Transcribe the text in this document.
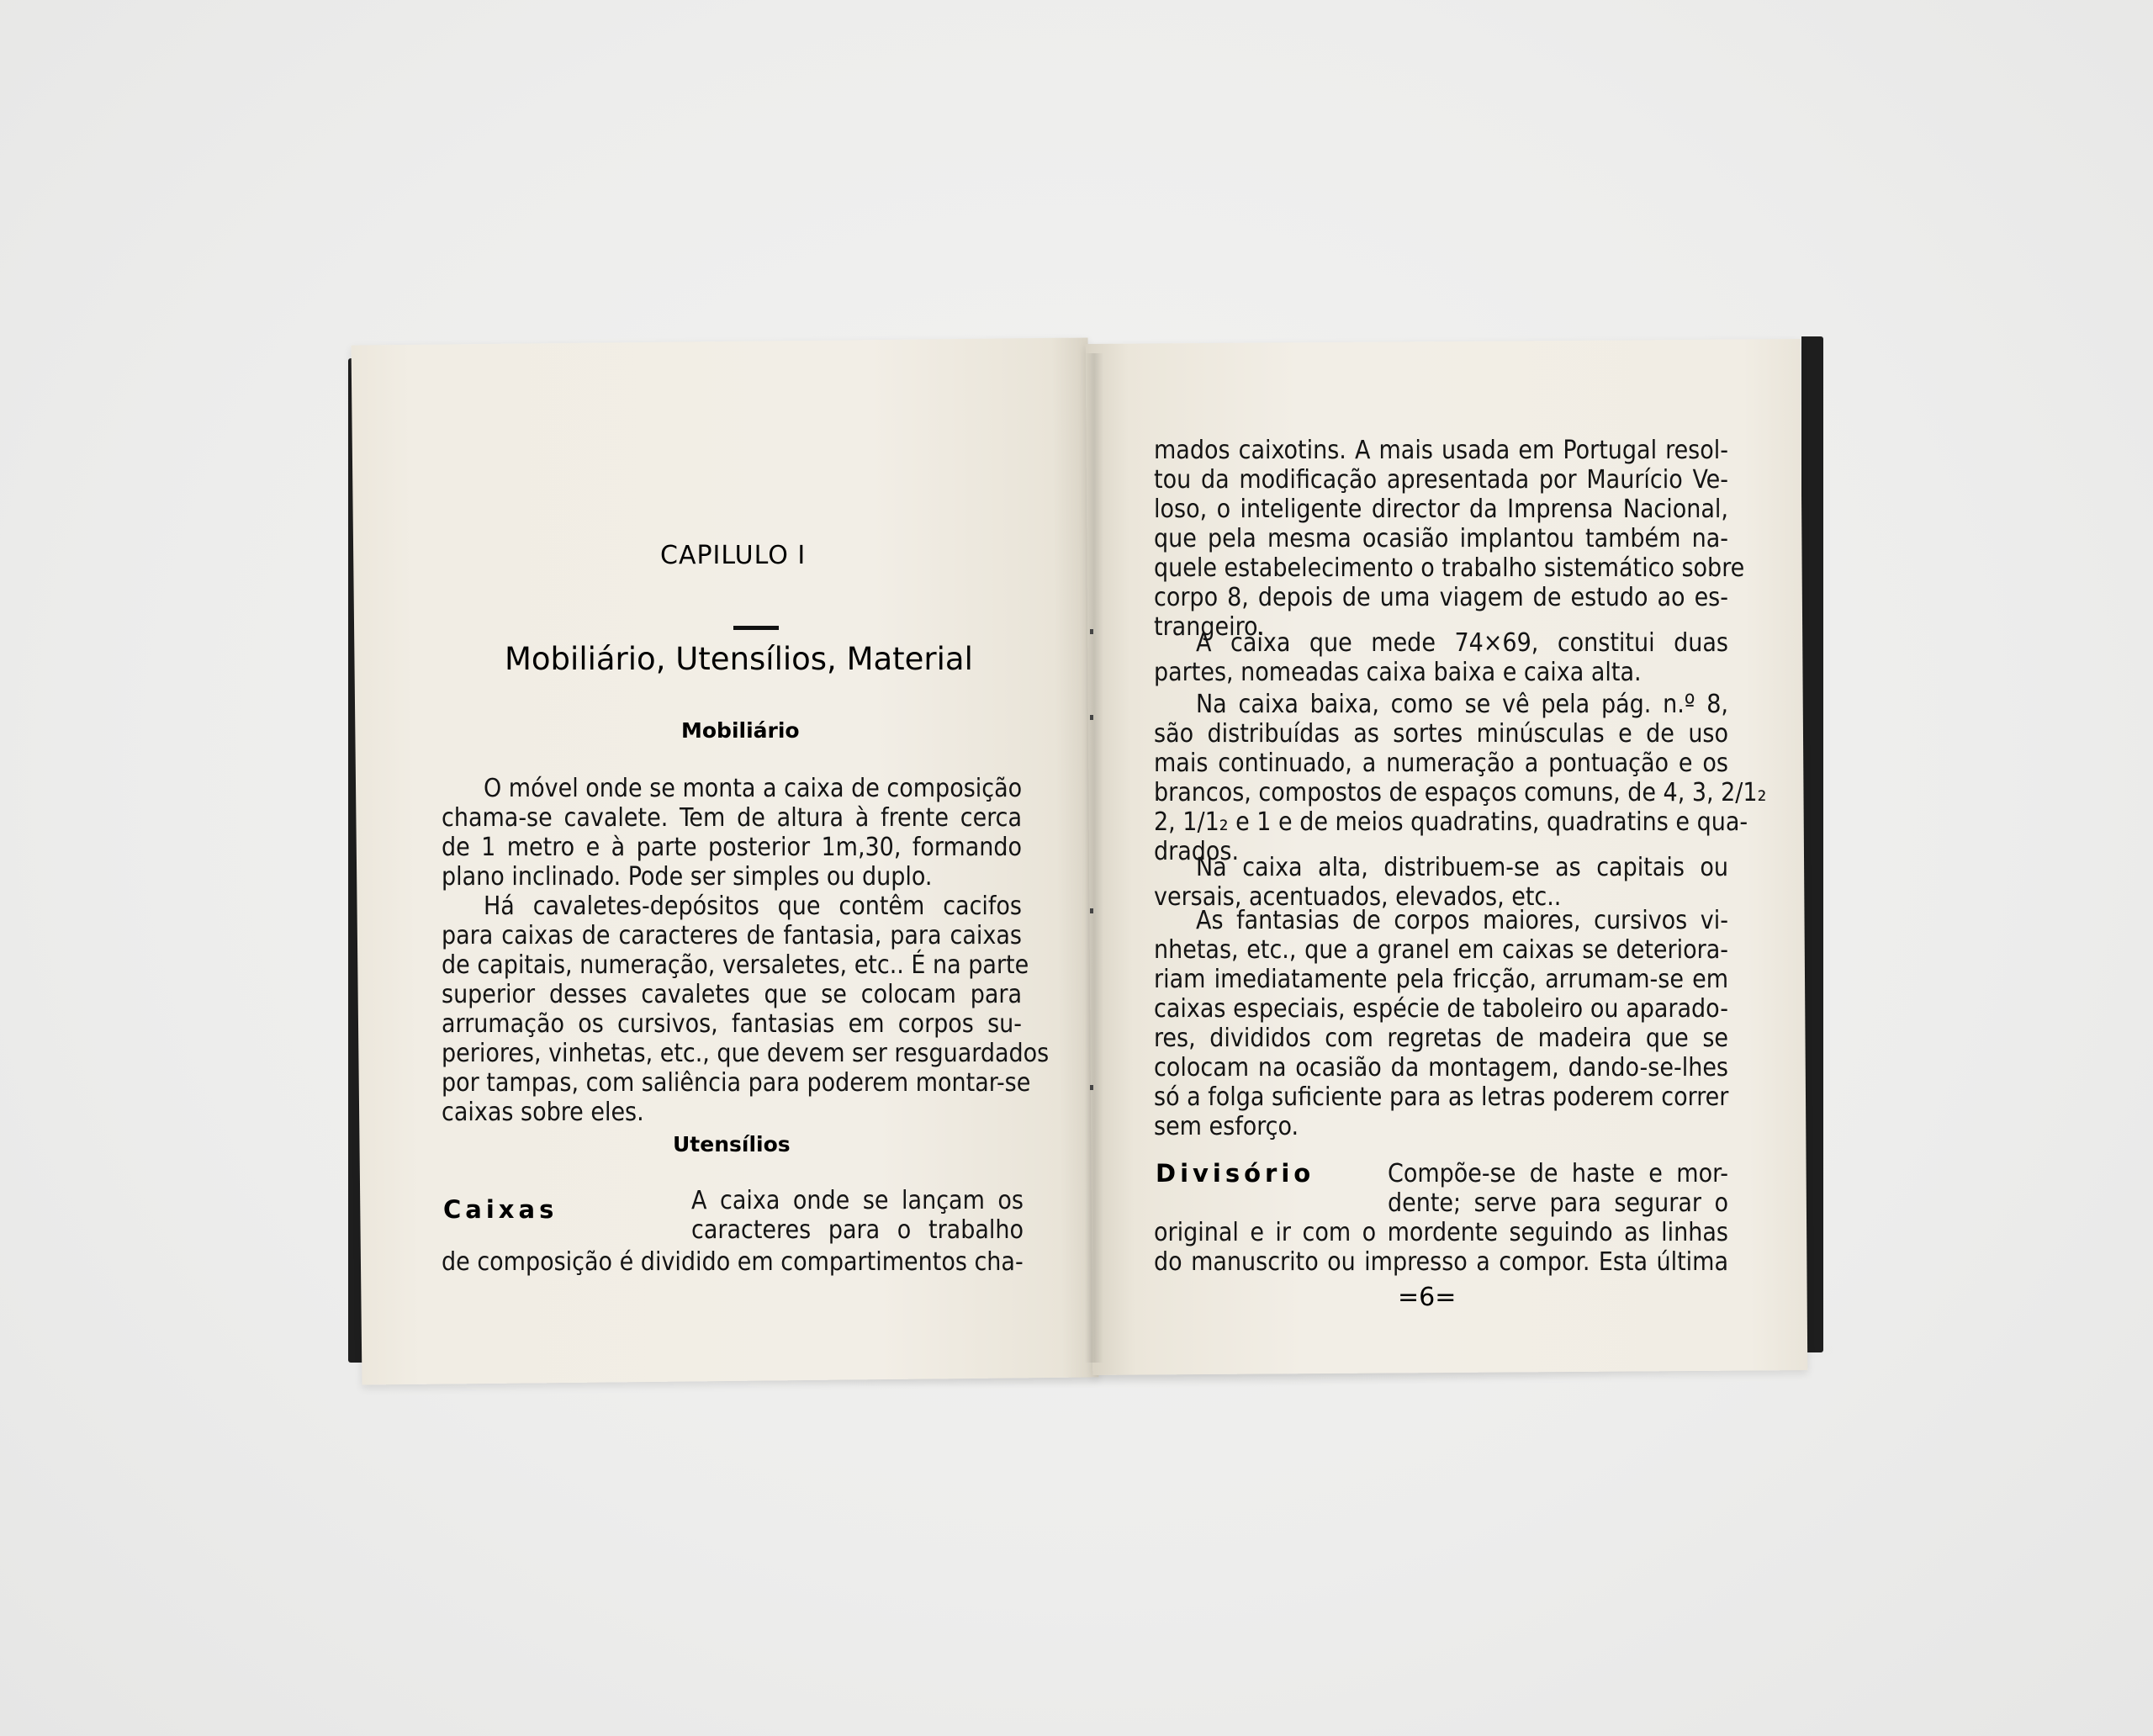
CAPILULO I
Mobiliário, Utensílios, Material
Mobiliário
O móvel onde se monta a caixa de composição
chama-se cavalete. Tem de altura à frente cerca
de 1 metro e à parte posterior 1m,30, formando
plano inclinado. Pode ser simples ou duplo.
Há cavaletes-depósitos que contêm cacifos
para caixas de caracteres de fantasia, para caixas
de capitais, numeração, versaletes, etc.. É na parte
superior desses cavaletes que se colocam para
arrumação os cursivos, fantasias em corpos su-
periores, vinhetas, etc., que devem ser resguardados
por tampas, com saliência para poderem montar-se
caixas sobre eles.
Utensílios
Caixas	A caixa onde se lançam os
caracteres para o trabalho
de composição é dividido em compartimentos cha-
mados caixotins. A mais usada em Portugal resol-
tou da modificação apresentada por Maurício Ve-
loso, o inteligente director da Imprensa Nacional,
que pela mesma ocasião implantou também na-
quele estabelecimento o trabalho sistemático sobre
corpo 8, depois de uma viagem de estudo ao es-
trangeiro.
A caixa que mede 74×69, constitui duas
partes, nomeadas caixa baixa e caixa alta.
Na caixa baixa, como se vê pela pág. n.º 8,
são distribuídas as sortes minúsculas e de uso
mais continuado, a numeração a pontuação e os
brancos, compostos de espaços comuns, de 4, 3, 2/1₂
2, 1/1₂ e 1 e de meios quadratins, quadratins e qua-
drados.
Na caixa alta, distribuem-se as capitais ou
versais, acentuados, elevados, etc..
As fantasias de corpos maiores, cursivos vi-
nhetas, etc., que a granel em caixas se deteriora-
riam imediatamente pela fricção, arrumam-se em
caixas especiais, espécie de taboleiro ou aparado-
res, divididos com regretas de madeira que se
colocam na ocasião da montagem, dando-se-lhes
só a folga suficiente para as letras poderem correr
sem esforço.
Divisório	Compõe-se de haste e mor-
dente; serve para segurar o
original e ir com o mordente seguindo as linhas
do manuscrito ou impresso a compor. Esta última
=6=
